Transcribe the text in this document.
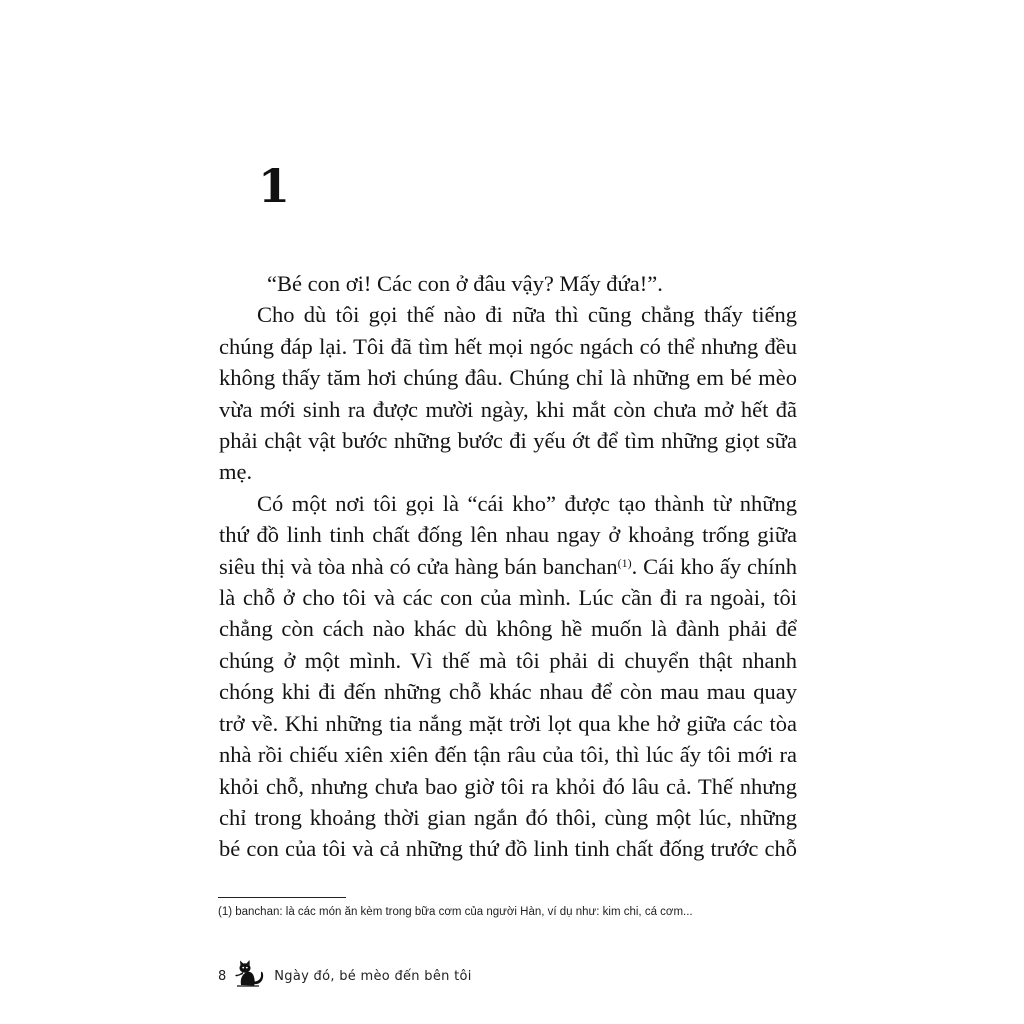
1

“Bé con ơi! Các con ở đâu vậy? Mấy đứa!”.

Cho dù tôi gọi thế nào đi nữa thì cũng chẳng thấy tiếng chúng đáp lại. Tôi đã tìm hết mọi ngóc ngách có thể nhưng đều không thấy tăm hơi chúng đâu. Chúng chỉ là những em bé mèo vừa mới sinh ra được mười ngày, khi mắt còn chưa mở hết đã phải chật vật bước những bước đi yếu ớt để tìm những giọt sữa mẹ.

Có một nơi tôi gọi là “cái kho” được tạo thành từ những thứ đồ linh tinh chất đống lên nhau ngay ở khoảng trống giữa siêu thị và tòa nhà có cửa hàng bán banchan$^{(1)}$. Cái kho ấy chính là chỗ ở cho tôi và các con của mình. Lúc cần đi ra ngoài, tôi chẳng còn cách nào khác dù không hề muốn là đành phải để chúng ở một mình. Vì thế mà tôi phải di chuyển thật nhanh chóng khi đi đến những chỗ khác nhau để còn mau mau quay trở về. Khi những tia nắng mặt trời lọt qua khe hở giữa các tòa nhà rồi chiếu xiên xiên đến tận râu của tôi, thì lúc ấy tôi mới ra khỏi chỗ, nhưng chưa bao giờ tôi ra khỏi đó lâu cả. Thế nhưng chỉ trong khoảng thời gian ngắn đó thôi, cùng một lúc, những bé con của tôi và cả những thứ đồ linh tinh chất đống trước chỗ

(1) banchan: là các món ăn kèm trong bữa cơm của người Hàn, ví dụ như: kim chi, cá cơm...
8	Ngày đó, bé mèo đến bên tôi
